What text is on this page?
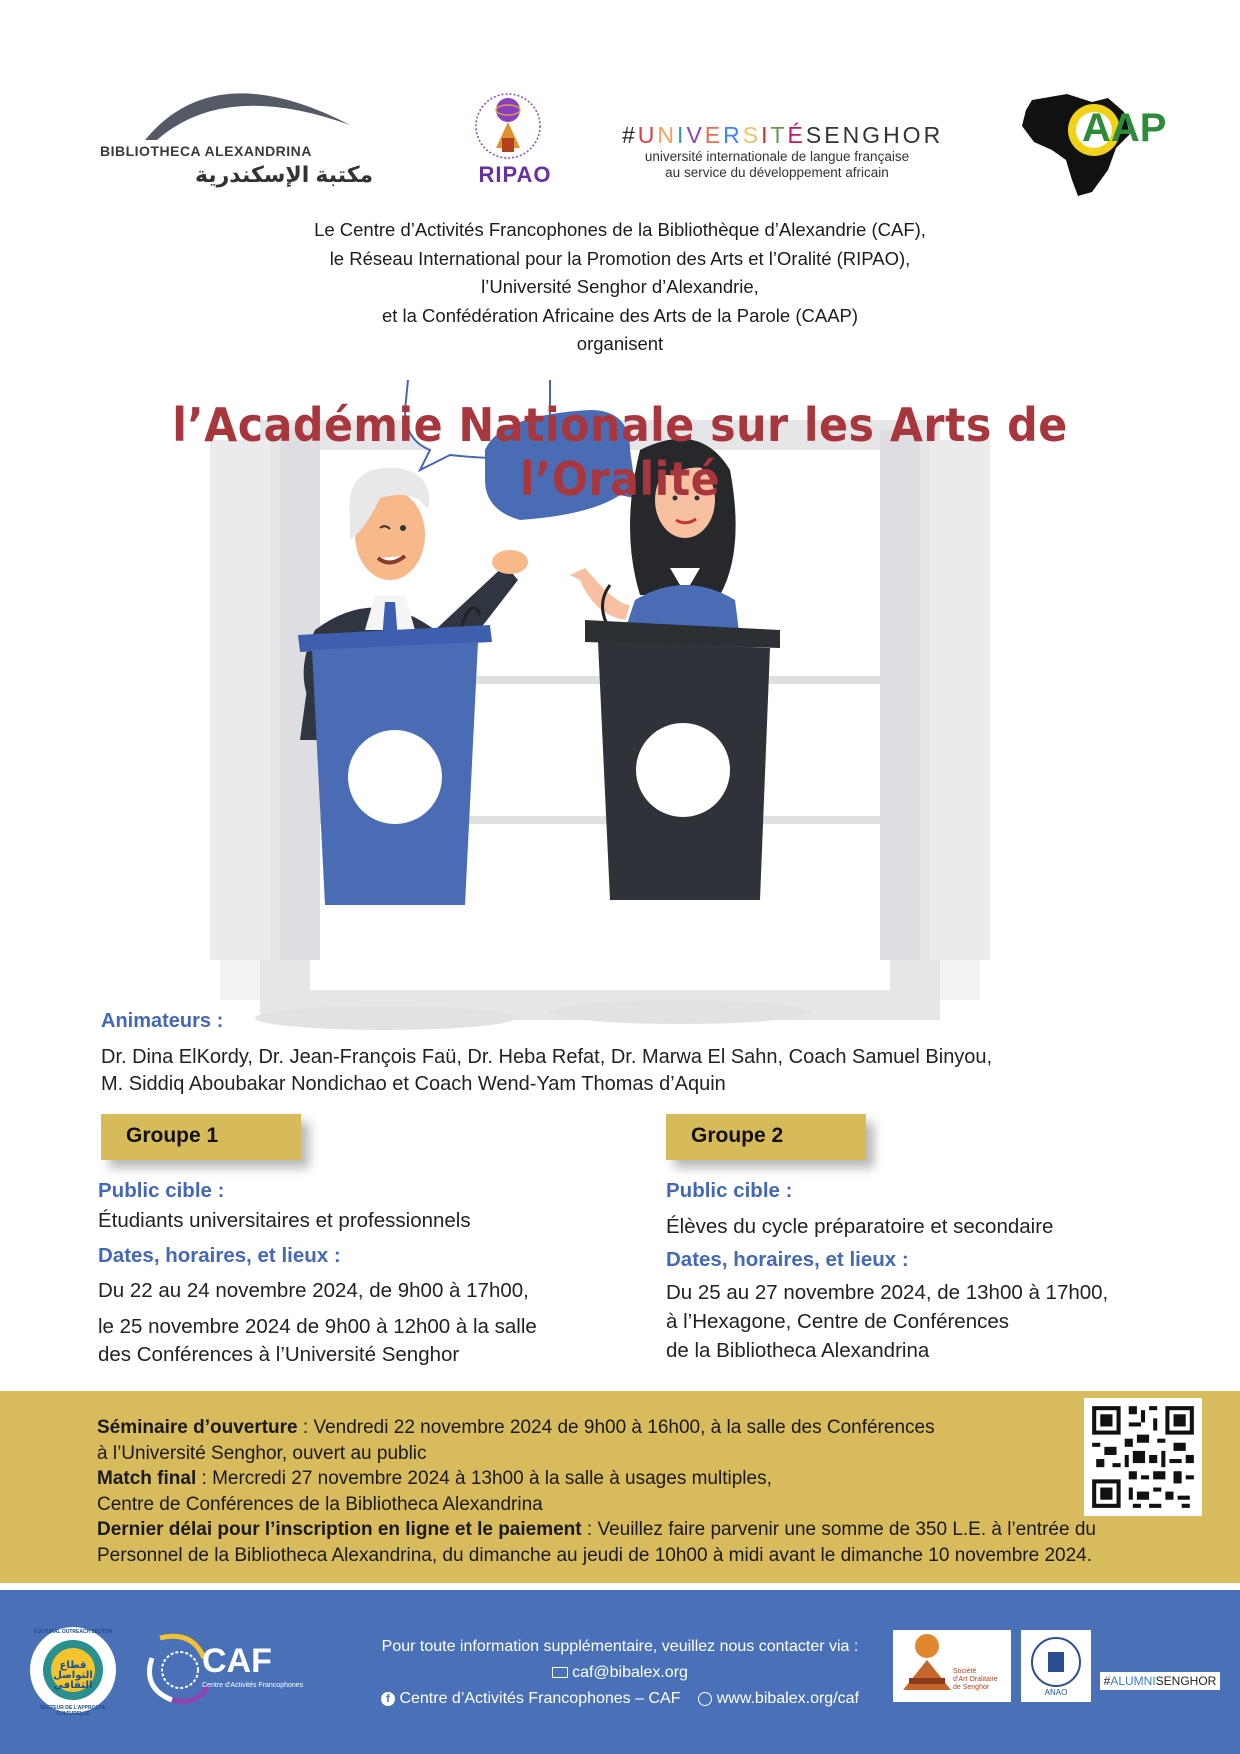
BIBLIOTHECA ALEXANDRINA
مكتبة الإسكندرية	RIPAO
#UNIVERSITÉSENGHOR
université internationale de langue française
au service du développement africain
AAP
Le Centre d’Activités Francophones de la Bibliothèque d’Alexandrie (CAF),
le Réseau International pour la Promotion des Arts et l’Oralité (RIPAO),
l’Université Senghor d’Alexandrie,
et la Confédération Africaine des Arts de la Parole (CAAP)
organisent
l’Académie Nationale sur les Arts de l’Oralité
Animateurs :
Dr. Dina ElKordy, Dr. Jean-François Faü, Dr. Heba Refat, Dr. Marwa El Sahn, Coach Samuel Binyou,
M. Siddiq Aboubakar Nondichao et Coach Wend-Yam Thomas d’Aquin
Groupe 1	Groupe 2
Public cible :
Étudiants universitaires et professionnels
Dates, horaires, et lieux :
Du 22 au 24 novembre 2024, de 9h00 à 17h00,
le 25 novembre 2024 de 9h00 à 12h00 à la salle
des Conférences à l’Université Senghor
Public cible :
Élèves du cycle préparatoire et secondaire
Dates, horaires, et lieux :
Du 25 au 27 novembre 2024, de 13h00 à 17h00,
à l’Hexagone, Centre de Conférences
de la Bibliotheca Alexandrina
Séminaire d’ouverture : Vendredi 22 novembre 2024 de 9h00 à 16h00, à la salle des Conférences
à l’Université Senghor, ouvert au public
Match final : Mercredi 27 novembre 2024 à 13h00 à la salle à usages multiples,
Centre de Conférences de la Bibliotheca Alexandrina
Dernier délai pour l’inscription en ligne et le paiement : Veuillez faire parvenir une somme de 350 L.E. à l’entrée du
Personnel de la Bibliotheca Alexandrina, du dimanche au jeudi de 10h00 à midi avant le dimanche 10 novembre 2024.
قطاع التواصل الثقافي
CULTURAL OUTREACH SECTOR
SECTEUR DE L’APPROCHE CULTURELLE
CAF
Centre d’Activités Francophones
Pour toute information supplémentaire, veuillez nous contacter via :
caf@bibalex.org
f Centre d’Activités Francophones – CAF www.bibalex.org/caf
Société
d’Art Oralitaire
de Senghor
ANAO
#ALUMNISENGHOR
